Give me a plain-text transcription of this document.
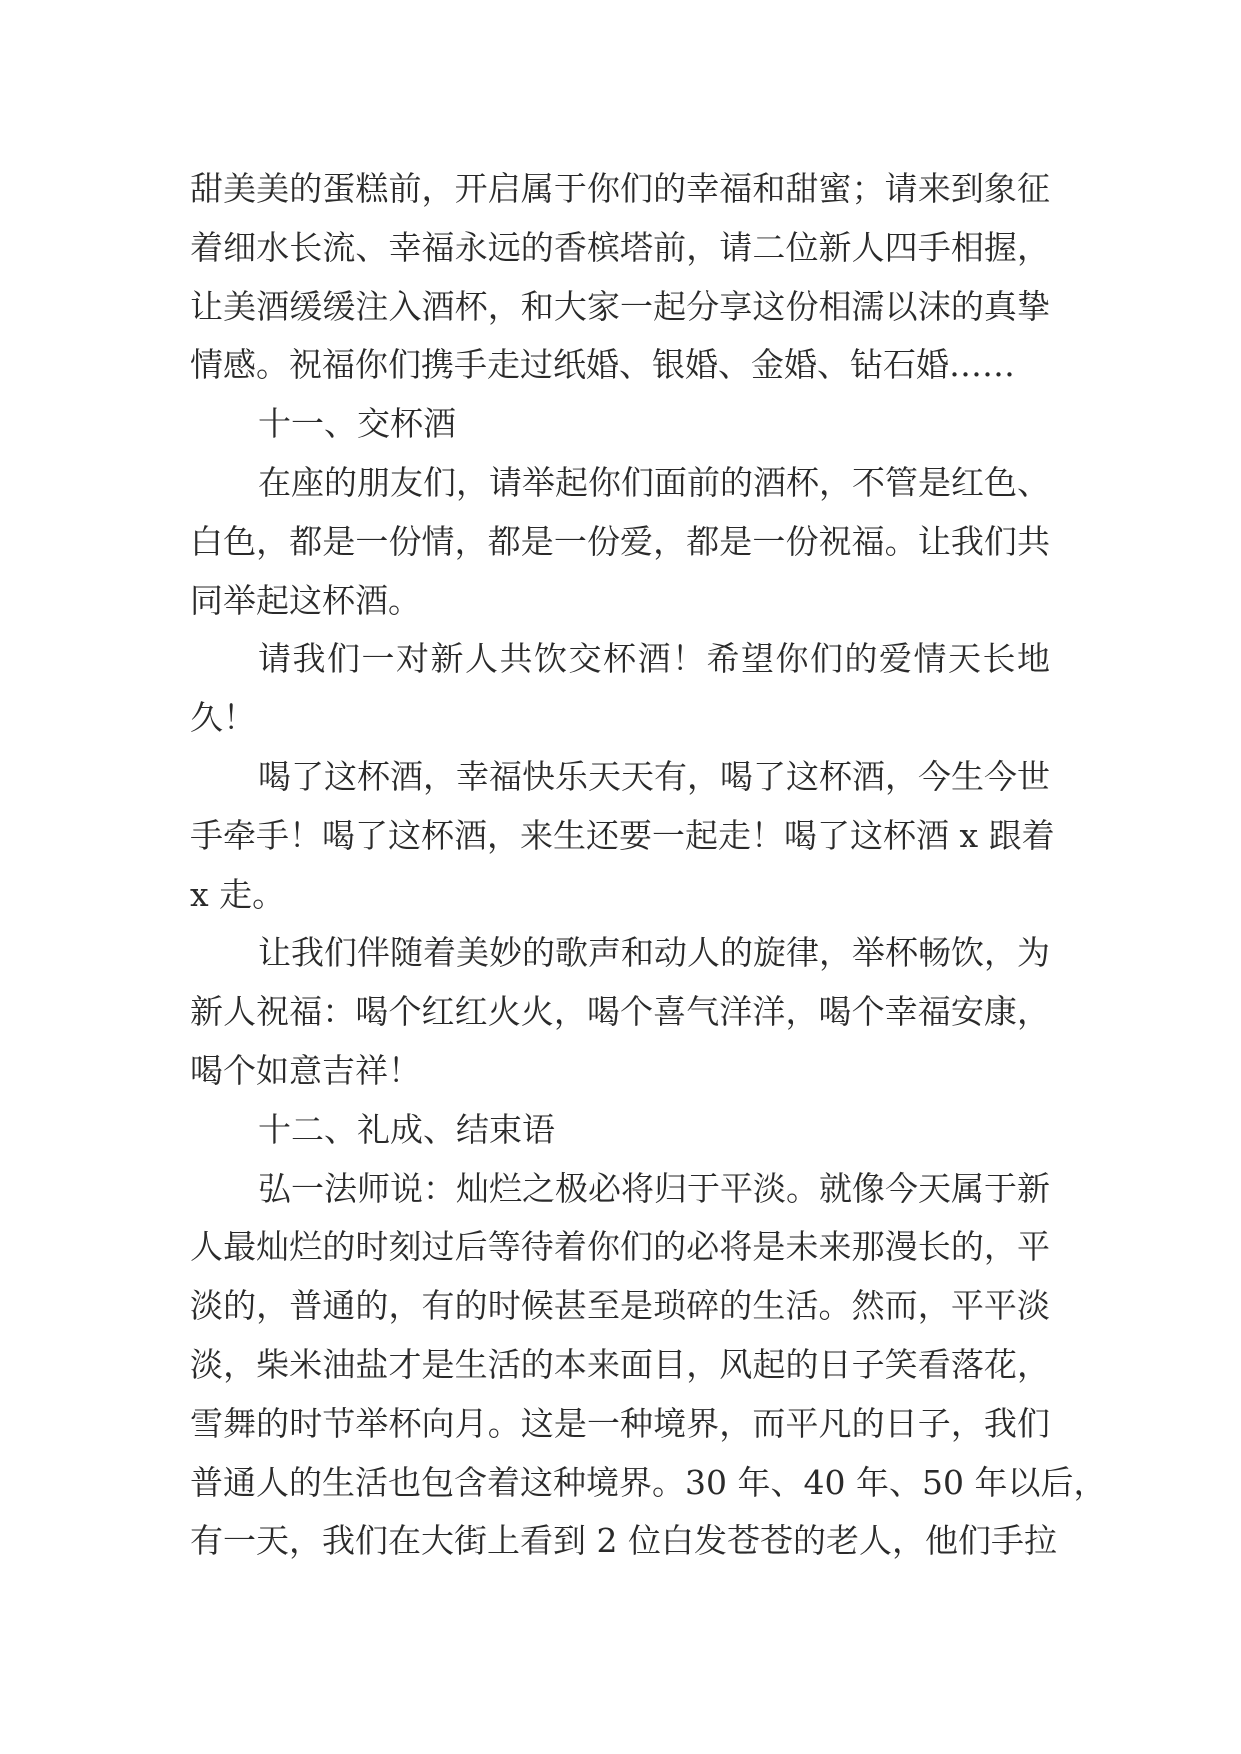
甜美美的蛋糕前，开启属于你们的幸福和甜蜜；请来到象征
着细水长流、幸福永远的香槟塔前，请二位新人四手相握，
让美酒缓缓注入酒杯，和大家一起分享这份相濡以沫的真挚
情感。祝福你们携手走过纸婚、银婚、金婚、钻石婚……
十一、交杯酒
在座的朋友们，请举起你们面前的酒杯，不管是红色、
白色，都是一份情，都是一份爱，都是一份祝福。让我们共
同举起这杯酒。
请我们一对新人共饮交杯酒！希望你们的爱情天长地
久！
喝了这杯酒，幸福快乐天天有，喝了这杯酒，今生今世
手牵手！喝了这杯酒，来生还要一起走！喝了这杯酒 x 跟着
x 走。
让我们伴随着美妙的歌声和动人的旋律，举杯畅饮，为
新人祝福：喝个红红火火，喝个喜气洋洋，喝个幸福安康，
喝个如意吉祥！
十二、礼成、结束语
弘一法师说：灿烂之极必将归于平淡。就像今天属于新
人最灿烂的时刻过后等待着你们的必将是未来那漫长的，平
淡的，普通的，有的时候甚至是琐碎的生活。然而，平平淡
淡，柴米油盐才是生活的本来面目，风起的日子笑看落花，
雪舞的时节举杯向月。这是一种境界，而平凡的日子，我们
普通人的生活也包含着这种境界。30 年、40 年、50 年以后，
有一天，我们在大街上看到 2 位白发苍苍的老人，他们手拉
